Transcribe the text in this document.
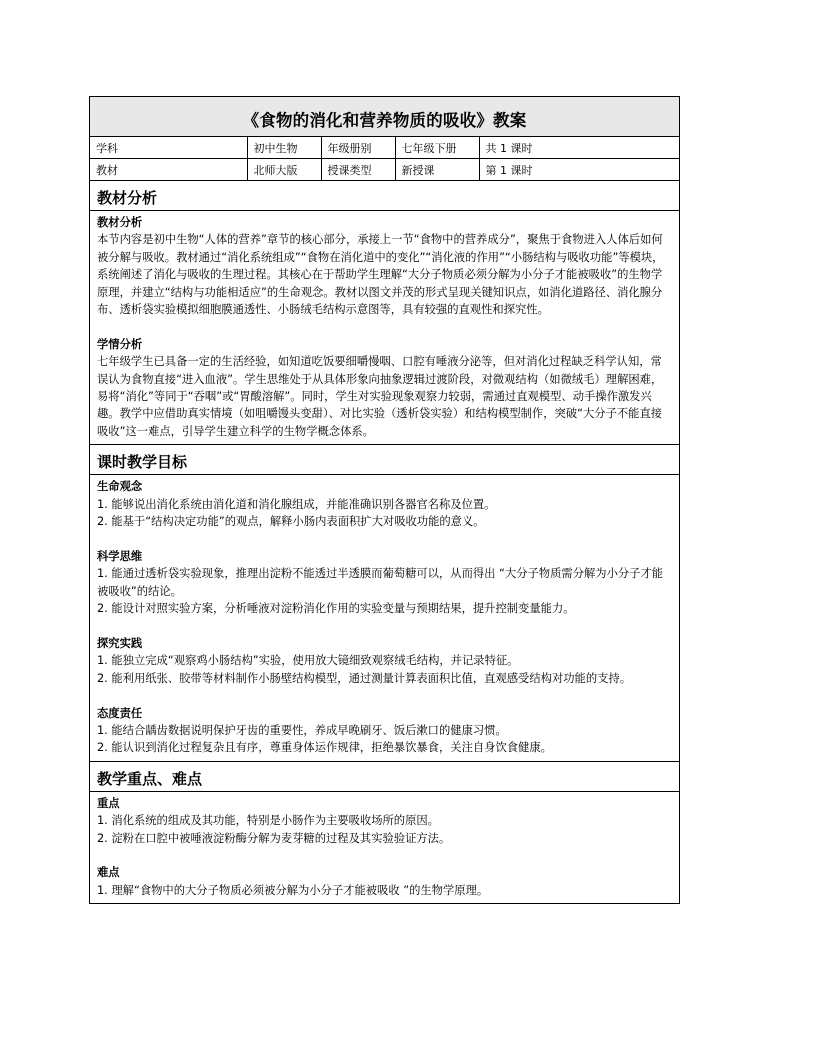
《食物的消化和营养物质的吸收》教案
学科	初中生物	年级册别	七年级下册	共 1 课时
教材	北师大版	授课类型	新授课	第 1 课时
教材分析

教材分析

本节内容是初中生物“人体的营养”章节的核心部分，承接上一节“食物中的营养成分”，聚焦于食物进入人体后如何被分解与吸收。教材通过“消化系统组成”“食物在消化道中的变化”“消化液的作用”“小肠结构与吸收功能”等模块，系统阐述了消化与吸收的生理过程。其核心在于帮助学生理解“大分子物质必须分解为小分子才能被吸收”的生物学原理，并建立“结构与功能相适应”的生命观念。教材以图文并茂的形式呈现关键知识点，如消化道路径、消化腺分布、透析袋实验模拟细胞膜通透性、小肠绒毛结构示意图等，具有较强的直观性和探究性。

学情分析

七年级学生已具备一定的生活经验，如知道吃饭要细嚼慢咽、口腔有唾液分泌等，但对消化过程缺乏科学认知，常误认为食物直接“进入血液”。学生思维处于从具体形象向抽象逻辑过渡阶段，对微观结构（如微绒毛）理解困难，易将“消化”等同于“吞咽”或“胃酸溶解”。同时，学生对实验现象观察力较弱，需通过直观模型、动手操作激发兴趣。教学中应借助真实情境（如咀嚼馒头变甜）、对比实验（透析袋实验）和结构模型制作，突破“大分子不能直接吸收”这一难点，引导学生建立科学的生物学概念体系。

课时教学目标

生命观念

1. 能够说出消化系统由消化道和消化腺组成，并能准确识别各器官名称及位置。

2. 能基于“结构决定功能”的观点，解释小肠内表面积扩大对吸收功能的意义。

科学思维

1. 能通过透析袋实验现象，推理出淀粉不能透过半透膜而葡萄糖可以，从而得出 “大分子物质需分解为小分子才能被吸收”的结论。

2. 能设计对照实验方案，分析唾液对淀粉消化作用的实验变量与预期结果，提升控制变量能力。

探究实践

1. 能独立完成“观察鸡小肠结构”实验，使用放大镜细致观察绒毛结构，并记录特征。

2. 能利用纸张、胶带等材料制作小肠壁结构模型，通过测量计算表面积比值，直观感受结构对功能的支持。

态度责任

1. 能结合龋齿数据说明保护牙齿的重要性，养成早晚刷牙、饭后漱口的健康习惯。

2. 能认识到消化过程复杂且有序，尊重身体运作规律，拒绝暴饮暴食，关注自身饮食健康。

教学重点、难点

重点

1. 消化系统的组成及其功能，特别是小肠作为主要吸收场所的原因。

2. 淀粉在口腔中被唾液淀粉酶分解为麦芽糖的过程及其实验验证方法。

难点

1. 理解“食物中的大分子物质必须被分解为小分子才能被吸收 ”的生物学原理。
